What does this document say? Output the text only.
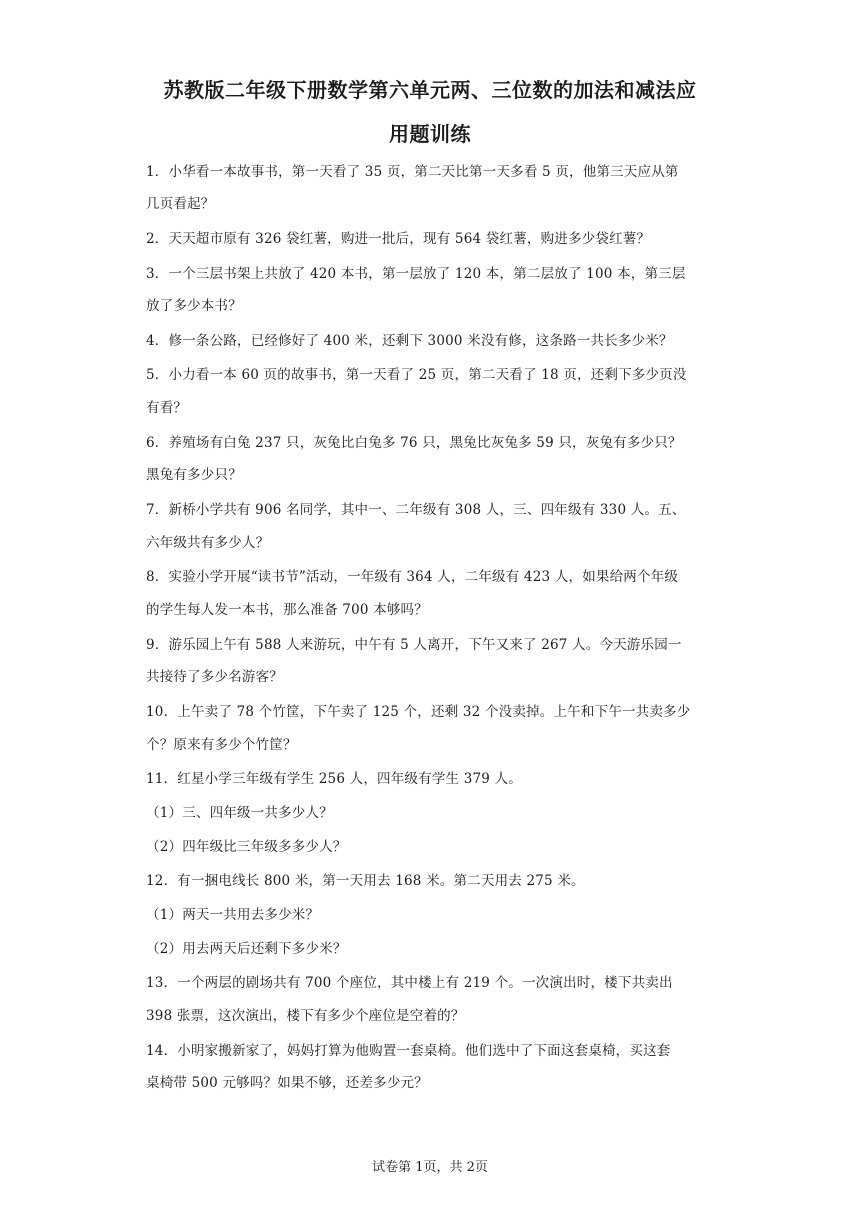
苏教版二年级下册数学第六单元两、三位数的加法和减法应
用题训练
1．小华看一本故事书，第一天看了 35 页，第二天比第一天多看 5 页，他第三天应从第
几页看起？
2．天天超市原有 326 袋红薯，购进一批后，现有 564 袋红薯，购进多少袋红薯？
3．一个三层书架上共放了 420 本书，第一层放了 120 本，第二层放了 100 本，第三层
放了多少本书？
4．修一条公路，已经修好了 400 米，还剩下 3000 米没有修，这条路一共长多少米？
5．小力看一本 60 页的故事书，第一天看了 25 页，第二天看了 18 页，还剩下多少页没
有看？
6．养殖场有白兔 237 只，灰兔比白兔多 76 只，黑兔比灰兔多 59 只，灰兔有多少只？
黑兔有多少只？
7．新桥小学共有 906 名同学，其中一、二年级有 308 人，三、四年级有 330 人。五、
六年级共有多少人？
8．实验小学开展“读书节”活动，一年级有 364 人，二年级有 423 人，如果给两个年级
的学生每人发一本书，那么准备 700 本够吗？
9．游乐园上午有 588 人来游玩，中午有 5 人离开，下午又来了 267 人。今天游乐园一
共接待了多少名游客？
10．上午卖了 78 个竹筐，下午卖了 125 个，还剩 32 个没卖掉。上午和下午一共卖多少
个？原来有多少个竹筐？
11．红星小学三年级有学生 256 人，四年级有学生 379 人。
（1）三、四年级一共多少人？
（2）四年级比三年级多多少人？
12．有一捆电线长 800 米，第一天用去 168 米。第二天用去 275 米。
（1）两天一共用去多少米？
（2）用去两天后还剩下多少米？
13．一个两层的剧场共有 700 个座位，其中楼上有 219 个。一次演出时，楼下共卖出
398 张票，这次演出，楼下有多少个座位是空着的？
14．小明家搬新家了，妈妈打算为他购置一套桌椅。他们选中了下面这套桌椅，买这套
桌椅带 500 元够吗？如果不够，还差多少元？
试卷第 1页，共 2页
